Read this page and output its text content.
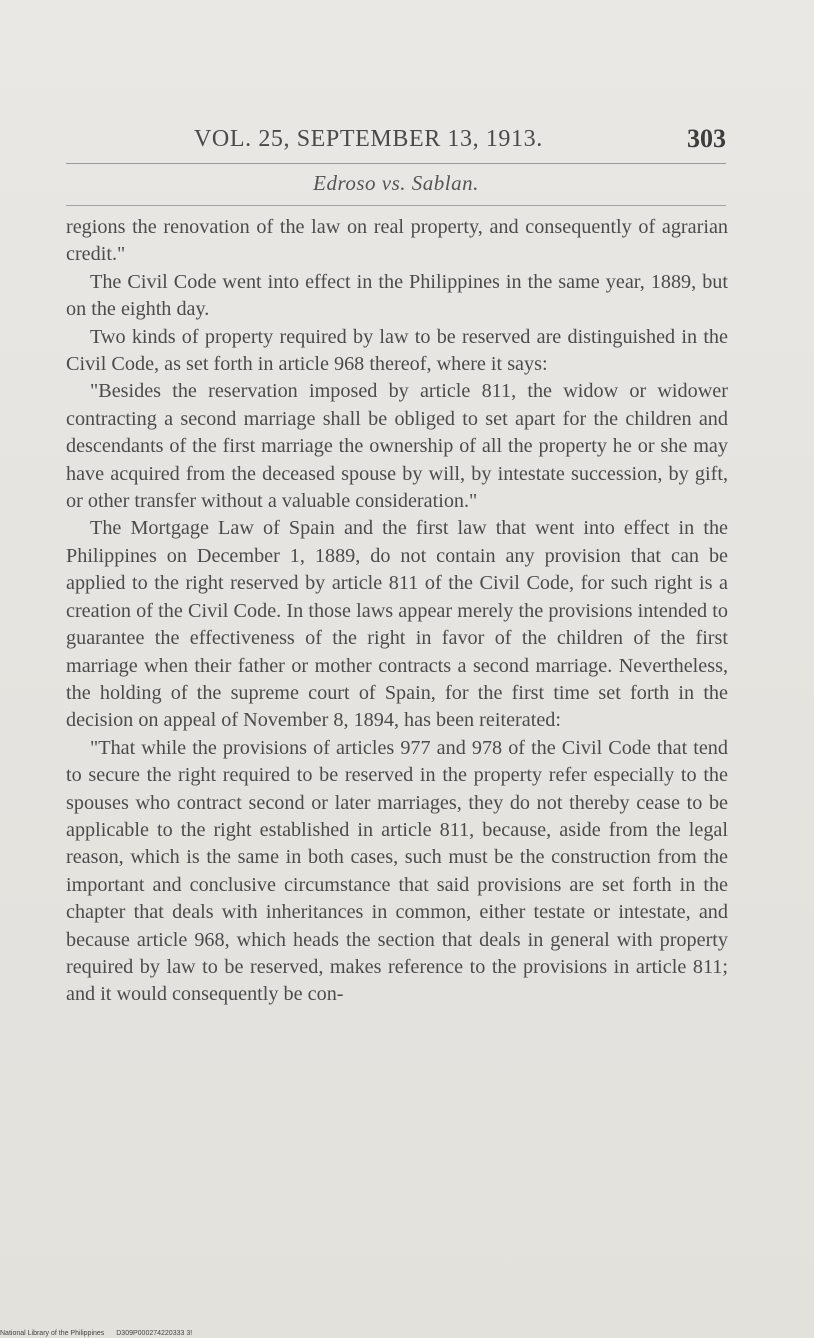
VOL. 25, SEPTEMBER 13, 1913.	303
Edroso vs. Sablan.

regions the renovation of the law on real property, and consequently of agrarian credit."

The Civil Code went into effect in the Philippines in the same year, 1889, but on the eighth day.

Two kinds of property required by law to be reserved are distinguished in the Civil Code, as set forth in article 968 thereof, where it says:

"Besides the reservation imposed by article 811, the widow or widower contracting a second marriage shall be obliged to set apart for the children and descendants of the first marriage the ownership of all the property he or she may have acquired from the deceased spouse by will, by intestate succession, by gift, or other transfer without a valuable consideration."

The Mortgage Law of Spain and the first law that went into effect in the Philippines on December 1, 1889, do not contain any provision that can be applied to the right reserved by article 811 of the Civil Code, for such right is a creation of the Civil Code. In those laws appear merely the provisions intended to guarantee the effectiveness of the right in favor of the children of the first marriage when their father or mother contracts a second marriage. Nevertheless, the holding of the supreme court of Spain, for the first time set forth in the decision on appeal of November 8, 1894, has been reiterated:

"That while the provisions of articles 977 and 978 of the Civil Code that tend to secure the right required to be reserved in the property refer especially to the spouses who contract second or later marriages, they do not thereby cease to be applicable to the right established in article 811, because, aside from the legal reason, which is the same in both cases, such must be the construction from the important and conclusive circumstance that said provisions are set forth in the chapter that deals with inheritances in common, either testate or intestate, and because article 968, which heads the section that deals in general with property required by law to be reserved, makes reference to the provisions in article 811; and it would consequently be con-

National Library of the Philippines D309P000274220333 3!
